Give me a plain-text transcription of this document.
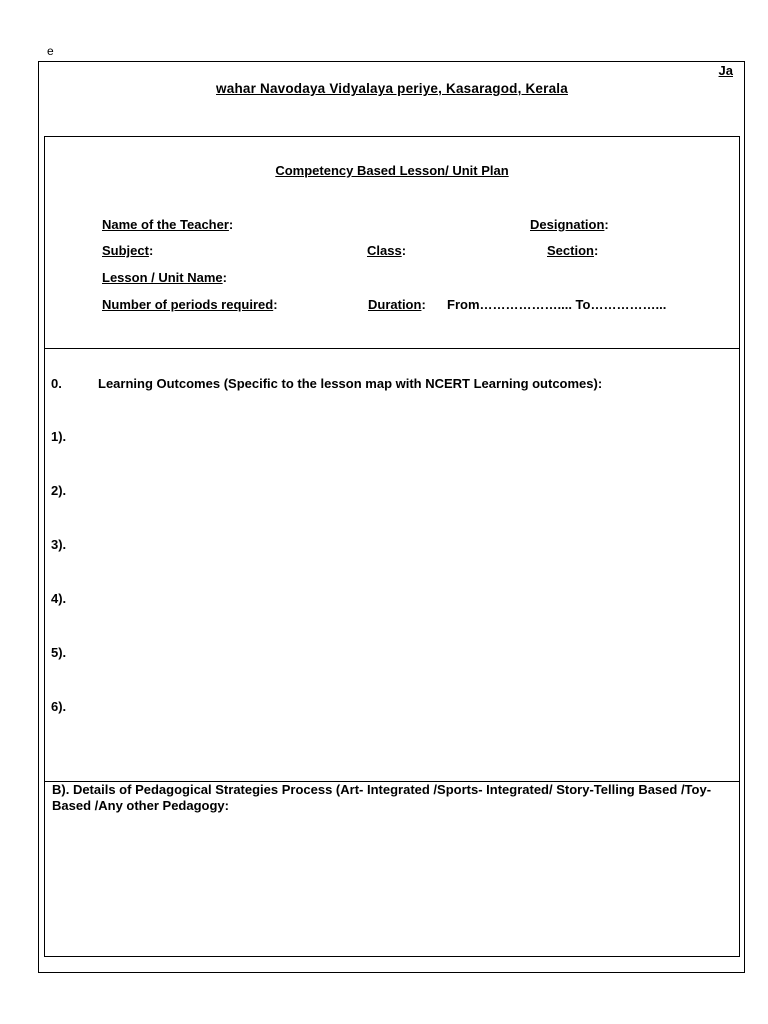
e
Ja
wahar Navodaya Vidyalaya periye, Kasaragod, Kerala
Competency Based Lesson/ Unit Plan
Name of the Teacher:	Designation:
Subject:	Class:	Section:
Lesson / Unit Name:
Number of periods required:	Duration: From……………….... To……………...
0.	Learning Outcomes (Specific to the lesson map with NCERT Learning outcomes):
1).
2).
3).
4).
5).
6).
B). Details of Pedagogical Strategies Process (Art- Integrated /Sports- Integrated/ Story-Telling Based /Toy-Based /Any other Pedagogy:
